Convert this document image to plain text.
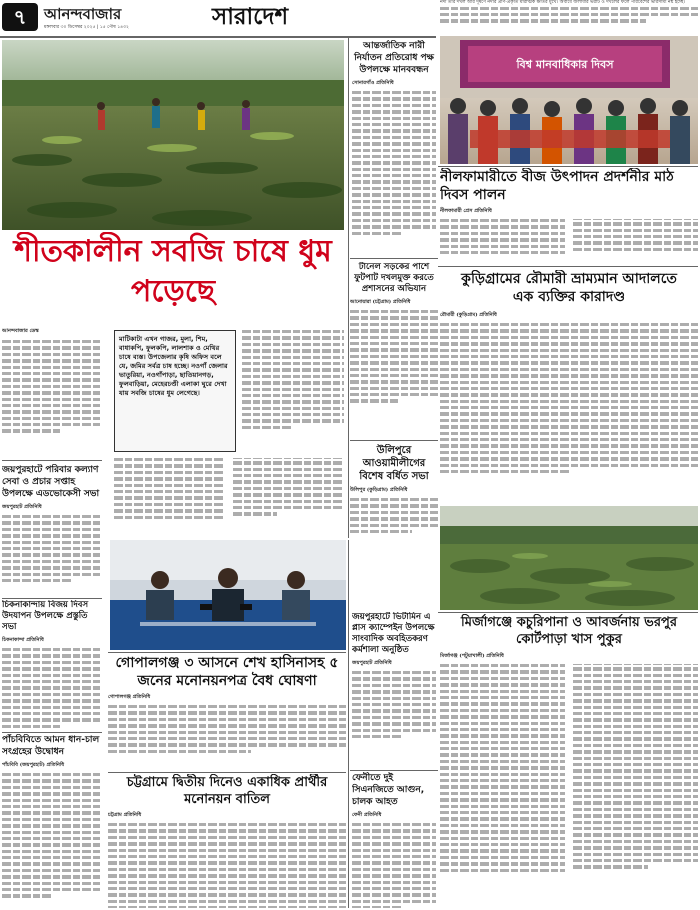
৭	আনন্দবাজার
মঙ্গলবার ৩০ ডিসেম্বর ২০২৫ | ১৫ পৌষ ১৪৩২	সারাদেশ

নদী তীর দখল আর দূষণে নদীর প্রাণ-প্রকৃতি মারাত্মক ক্ষতির মুখে। অবাধে জলাধার ভরাট ও দখলের ফলে পরিবেশের ভারসাম্য নষ্ট হচ্ছে।

বিশ্ব মানবাধিকার দিবস
শীতকালীন সবজি চাষে ধুম পড়েছে
আনন্দবাজার ডেস্ক

মাটিকাটা এখন গাজর, মুলা, শিম, বাধাকপি, ফুলকপি, লালশাক ও মেথির চাষে ব্যস্ত। উপজেলার কৃষি অফিস বলে যে, জমির সর্বত্র চাষ হচ্ছে। নওগাঁ জেলার ভাতুরিয়া, নওগাঁপাড়া, ছাতিয়ানগড়, ফুলবাড়িয়া, মেহেরচণ্ডী এলাকা ঘুরে দেখা যায় সবজি চাষের ধুম লেগেছে।

জয়পুরহাটে পরিবার কল্যাণ সেবা ও প্রচার সপ্তাহ উপলক্ষে এডভোকেসী সভা
জয়পুরহাট প্রতিনিধি
আন্তর্জাতিক নারী নির্যাতন প্রতিরোধ পক্ষ উপলক্ষে মানববন্ধন
সোনারগাঁও প্রতিনিধি
টানেল সড়কের পাশে ফুটপাট দখলমুক্ত করতে প্রশাসনের অভিযান
আনোয়ারা (চট্টগ্রাম) প্রতিনিধি
উলিপুরে আওয়ামীলীগের বিশেষ বর্ধিত সভা
উলিপুর (কুড়িগ্রাম) প্রতিনিধি
নীলফামারীতে বীজ উৎপাদন প্রদর্শনীর মাঠ দিবস পালন
নীলফামারী প্রেস প্রতিনিধি
কুড়িগ্রামের রৌমারী ভ্রাম্যমান আদালতে এক ব্যক্তির কারাদণ্ড
রৌমারী (কুড়িগ্রাম) প্রতিনিধি
মির্জাগঞ্জে কচুরিপানা ও আবর্জনায় ভরপুর কোর্টপাড়া খাস পুকুর
মির্জাগঞ্জ (পটুয়াখালী) প্রতিনিধি
গোপালগঞ্জ ৩ আসনে শেখ হাসিনাসহ ৫ জনের মনোনয়নপত্র বৈধ ঘোষণা
গোপালগঞ্জ প্রতিনিধি
চট্টগ্রামে দ্বিতীয় দিনেও একাধিক প্রার্থীর মনোনয়ন বাতিল
চট্টগ্রাম প্রতিনিধি
চিকনাকান্দায় বিজয় দিবস উদযাপন উপলক্ষে প্রস্তুতি সভা
চিকনাকান্দা প্রতিনিধি
পাঁচবিবিতে আমন ধান-চাল সংগ্রহের উদ্বোধন
পাঁচবিবি (জয়পুরহাট) প্রতিনিধি
জয়পুরহাটে ভিটামিন এ প্লাস ক্যাম্পেইন উপলক্ষে সাংবাদিক অবহিতকরণ কর্মশালা অনুষ্ঠিত
জয়পুরহাট প্রতিনিধি
ফেনীতে দুই সিএনজিতে আগুন, চালক আহত
ফেনী প্রতিনিধি
